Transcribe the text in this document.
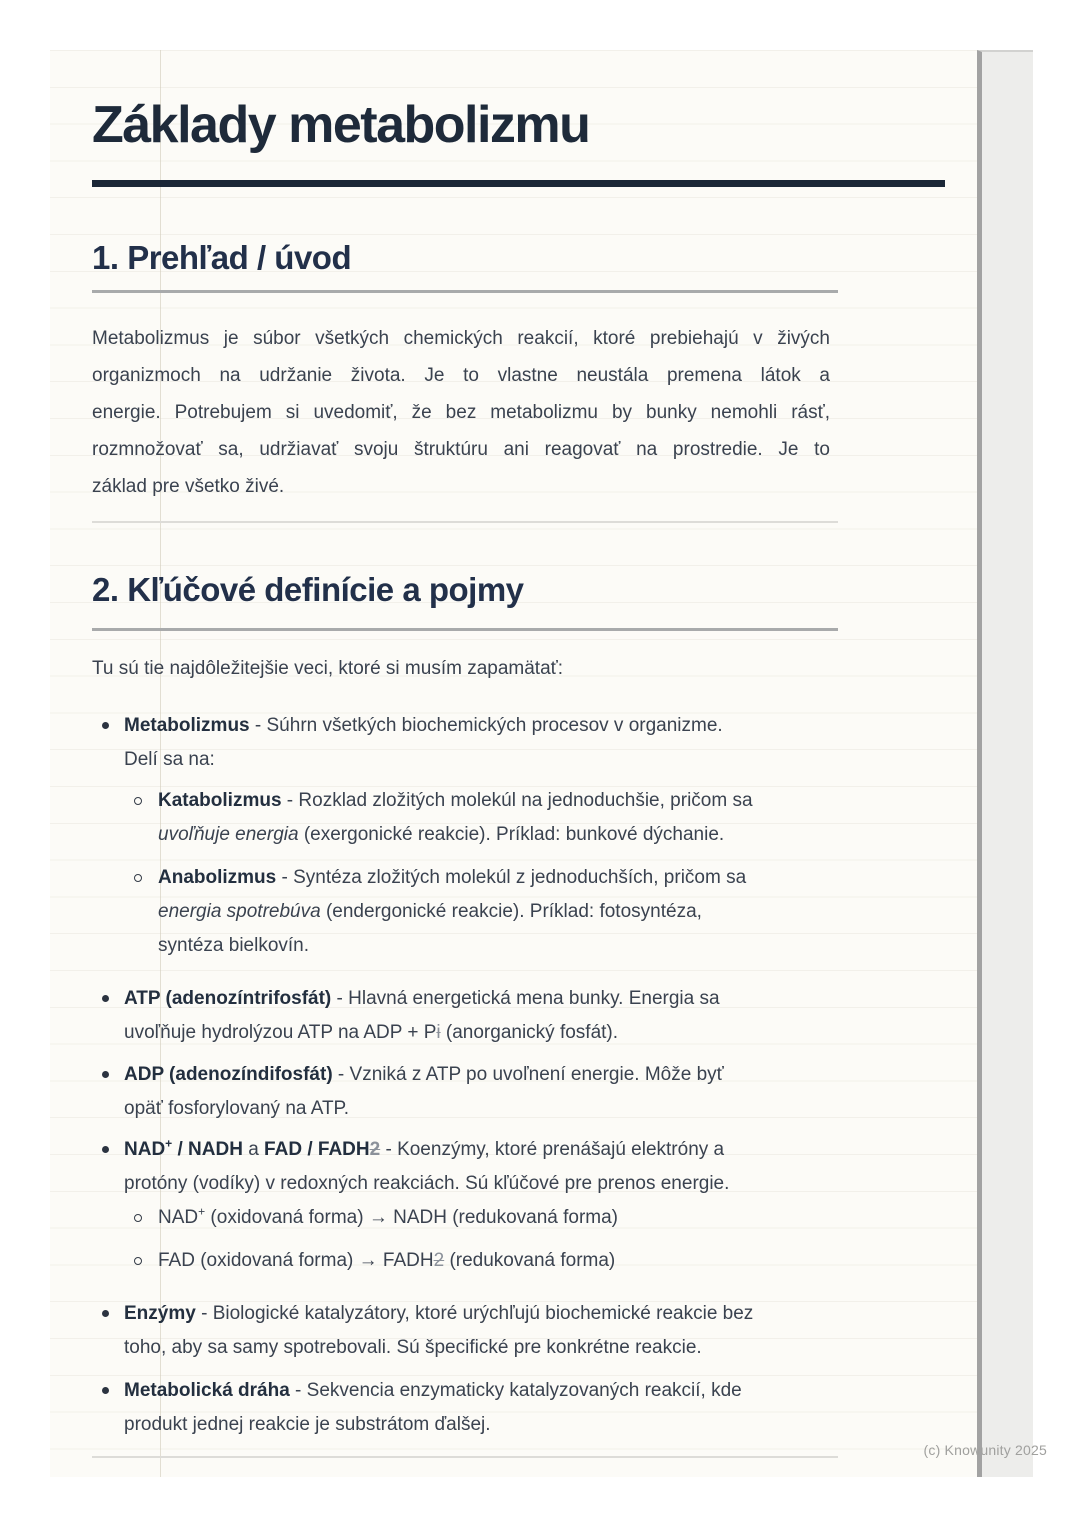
Základy metabolizmu
1. Prehľad / úvod
Metabolizmus je súbor všetkých chemických reakcií, ktoré prebiehajú v živých
organizmoch na udržanie života. Je to vlastne neustála premena látok a
energie. Potrebujem si uvedomiť, že bez metabolizmu by bunky nemohli rásť,
rozmnožovať sa, udržiavať svoju štruktúru ani reagovať na prostredie. Je to
základ pre všetko živé.
2. Kľúčové definície a pojmy
Tu sú tie najdôležitejšie veci, ktoré si musím zapamätať:
Metabolizmus - Súhrn všetkých biochemických procesov v organizme.
Delí sa na:
Katabolizmus - Rozklad zložitých molekúl na jednoduchšie, pričom sa
uvoľňuje energia (exergonické reakcie). Príklad: bunkové dýchanie.
Anabolizmus - Syntéza zložitých molekúl z jednoduchších, pričom sa
energia spotrebúva (endergonické reakcie). Príklad: fotosyntéza,
syntéza bielkovín.
ATP (adenozíntrifosfát) - Hlavná energetická mena bunky. Energia sa
uvoľňuje hydrolýzou ATP na ADP + Pi (anorganický fosfát).
ADP (adenozíndifosfát) - Vzniká z ATP po uvoľnení energie. Môže byť
opäť fosforylovaný na ATP.
NAD+ / NADH a FAD / FADH2 - Koenzýmy, ktoré prenášajú elektróny a
protóny (vodíky) v redoxných reakciách. Sú kľúčové pre prenos energie.
NAD+ (oxidovaná forma) → NADH (redukovaná forma)
FAD (oxidovaná forma) → FADH2 (redukovaná forma)
Enzýmy - Biologické katalyzátory, ktoré urýchľujú biochemické reakcie bez
toho, aby sa samy spotrebovali. Sú špecifické pre konkrétne reakcie.
Metabolická dráha - Sekvencia enzymaticky katalyzovaných reakcií, kde
produkt jednej reakcie je substrátom ďalšej.
(c) Knowunity 2025
